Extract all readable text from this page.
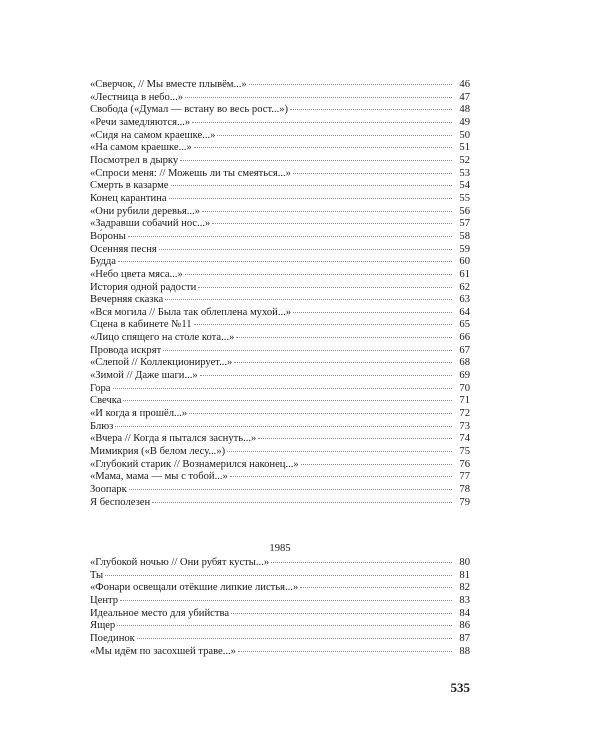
«Сверчок, // Мы вместе плывём...»	46
«Лестница в небо...»	47
Свобода («Думал — встану во весь рост...»)	48
«Речи замедляются...»	49
«Сидя на самом краешке...»	50
«На самом краешке...»	51
Посмотрел в дырку	52
«Спроси меня: // Можешь ли ты смеяться...»	53
Смерть в казарме	54
Конец карантина	55
«Они рубили деревья...»	56
«Задравши собачий нос...»	57
Во́роны	58
Осенняя песня	59
Будда	60
«Небо цвета мяса...»	61
История одной радости	62
Вечерняя сказка	63
«Вся могила // Была так облеплена мухой...»	64
Сцена в кабинете №11	65
«Лицо спящего на столе кота...»	66
Провода искрят	67
«Слепой // Коллекционирует...»	68
«Зимой // Даже шаги...»	69
Гора	70
Свечка	71
«И когда я прошёл...»	72
Блюз	73
«Вчера // Когда я пытался заснуть...»	74
Мимикрия («В белом лесу...»)	75
«Глубокий старик // Вознамерился наконец...»	76
«Мама, мама — мы с тобой...»	77
Зоопарк	78
Я бесполезен	79
1985
«Глубокой ночью // Они рубят кусты...»	80
Ты	81
«Фонари освещали отёкшие липкие листья...»	82
Центр	83
Идеальное место для убийства	84
Ящер	86
Поединок	87
«Мы идём по засохшей траве...»	88
535
